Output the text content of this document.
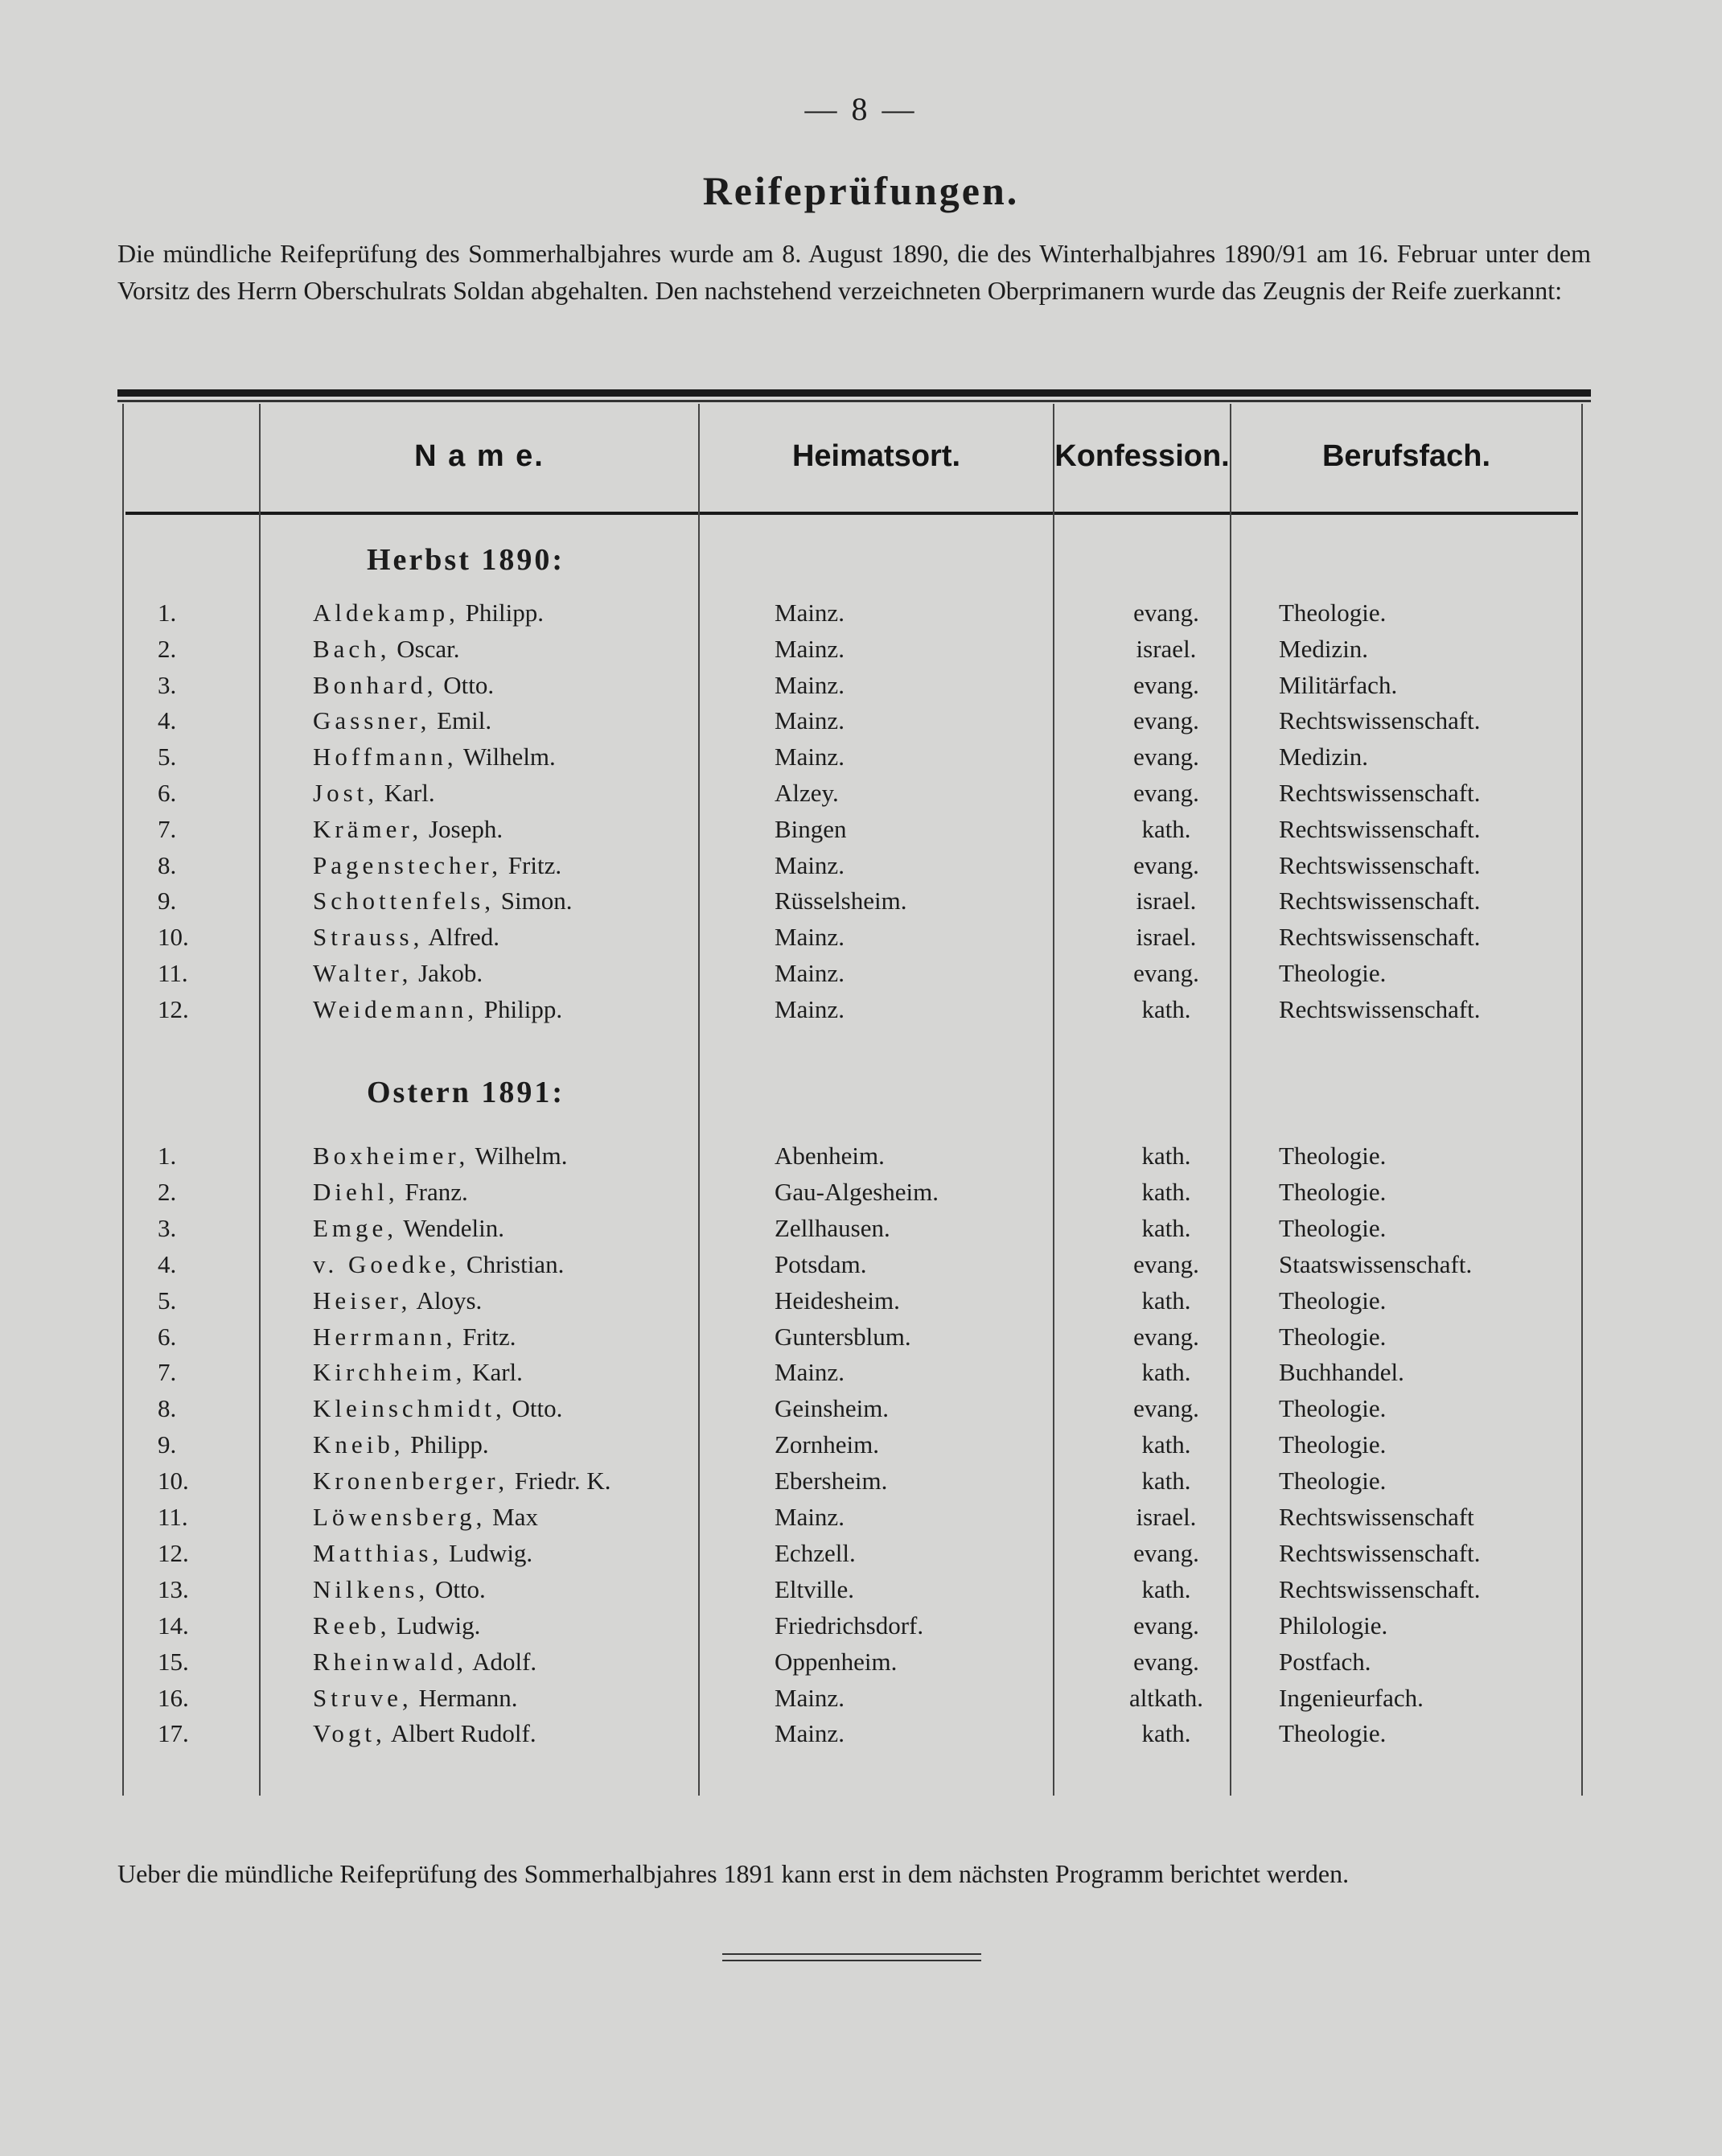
— 8 —
Reifeprüfungen.
Die mündliche Reifeprüfung des Sommerhalbjahres wurde am 8. August 1890, die des Winterhalbjahres 1890/91 am 16. Februar unter dem Vorsitz des Herrn Oberschulrats Soldan abgehalten. Den nachstehend verzeichneten Oberprimanern wurde das Zeugnis der Reife zuerkannt:
N a m e.	Heimatsort.	Konfession.	Berufsfach.
Herbst 1890:
1.	Aldekamp, Philipp.	Mainz.	evang.	Theologie.
2.	Bach, Oscar.	Mainz.	israel.	Medizin.
3.	Bonhard, Otto.	Mainz.	evang.	Militärfach.
4.	Gassner, Emil.	Mainz.	evang.	Rechtswissenschaft.
5.	Hoffmann, Wilhelm.	Mainz.	evang.	Medizin.
6.	Jost, Karl.	Alzey.	evang.	Rechtswissenschaft.
7.	Krämer, Joseph.	Bingen	kath.	Rechtswissenschaft.
8.	Pagenstecher, Fritz.	Mainz.	evang.	Rechtswissenschaft.
9.	Schottenfels, Simon.	Rüsselsheim.	israel.	Rechtswissenschaft.
10.	Strauss, Alfred.	Mainz.	israel.	Rechtswissenschaft.
11.	Walter, Jakob.	Mainz.	evang.	Theologie.
12.	Weidemann, Philipp.	Mainz.	kath.	Rechtswissenschaft.
Ostern 1891:
1.	Boxheimer, Wilhelm.	Abenheim.	kath.	Theologie.
2.	Diehl, Franz.	Gau-Algesheim.	kath.	Theologie.
3.	Emge, Wendelin.	Zellhausen.	kath.	Theologie.
4.	v. Goedke, Christian.	Potsdam.	evang.	Staatswissenschaft.
5.	Heiser, Aloys.	Heidesheim.	kath.	Theologie.
6.	Herrmann, Fritz.	Guntersblum.	evang.	Theologie.
7.	Kirchheim, Karl.	Mainz.	kath.	Buchhandel.
8.	Kleinschmidt, Otto.	Geinsheim.	evang.	Theologie.
9.	Kneib, Philipp.	Zornheim.	kath.	Theologie.
10.	Kronenberger, Friedr. K.	Ebersheim.	kath.	Theologie.
11.	Löwensberg, Max	Mainz.	israel.	Rechtswissenschaft
12.	Matthias, Ludwig.	Echzell.	evang.	Rechtswissenschaft.
13.	Nilkens, Otto.	Eltville.	kath.	Rechtswissenschaft.
14.	Reeb, Ludwig.	Friedrichsdorf.	evang.	Philologie.
15.	Rheinwald, Adolf.	Oppenheim.	evang.	Postfach.
16.	Struve, Hermann.	Mainz.	altkath.	Ingenieurfach.
17.	Vogt, Albert Rudolf.	Mainz.	kath.	Theologie.
Ueber die mündliche Reifeprüfung des Sommerhalbjahres 1891 kann erst in dem nächsten Programm berichtet werden.
